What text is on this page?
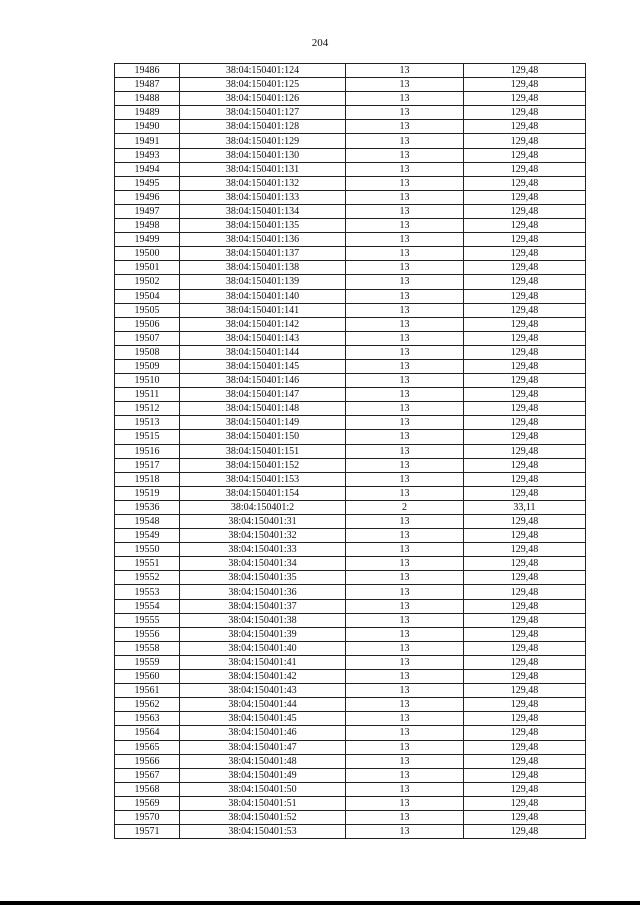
204
19486	38:04:150401:124	13	129,48
19487	38:04:150401:125	13	129,48
19488	38:04:150401:126	13	129,48
19489	38:04:150401:127	13	129,48
19490	38:04:150401:128	13	129,48
19491	38:04:150401:129	13	129,48
19493	38:04:150401:130	13	129,48
19494	38:04:150401:131	13	129,48
19495	38:04:150401:132	13	129,48
19496	38:04:150401:133	13	129,48
19497	38:04:150401:134	13	129,48
19498	38:04:150401:135	13	129,48
19499	38:04:150401:136	13	129,48
19500	38:04:150401:137	13	129,48
19501	38:04:150401:138	13	129,48
19502	38:04:150401:139	13	129,48
19504	38:04:150401:140	13	129,48
19505	38:04:150401:141	13	129,48
19506	38:04:150401:142	13	129,48
19507	38:04:150401:143	13	129,48
19508	38:04:150401:144	13	129,48
19509	38:04:150401:145	13	129,48
19510	38:04:150401:146	13	129,48
19511	38:04:150401:147	13	129,48
19512	38:04:150401:148	13	129,48
19513	38:04:150401:149	13	129,48
19515	38:04:150401:150	13	129,48
19516	38:04:150401:151	13	129,48
19517	38:04:150401:152	13	129,48
19518	38:04:150401:153	13	129,48
19519	38:04:150401:154	13	129,48
19536	38:04:150401:2	2	33,11
19548	38:04:150401:31	13	129,48
19549	38:04:150401:32	13	129,48
19550	38:04:150401:33	13	129,48
19551	38:04:150401:34	13	129,48
19552	38:04:150401:35	13	129,48
19553	38:04:150401:36	13	129,48
19554	38:04:150401:37	13	129,48
19555	38:04:150401:38	13	129,48
19556	38:04:150401:39	13	129,48
19558	38:04:150401:40	13	129,48
19559	38:04:150401:41	13	129,48
19560	38:04:150401:42	13	129,48
19561	38:04:150401:43	13	129,48
19562	38:04:150401:44	13	129,48
19563	38:04:150401:45	13	129,48
19564	38:04:150401:46	13	129,48
19565	38:04:150401:47	13	129,48
19566	38:04:150401:48	13	129,48
19567	38:04:150401:49	13	129,48
19568	38:04:150401:50	13	129,48
19569	38:04:150401:51	13	129,48
19570	38:04:150401:52	13	129,48
19571	38:04:150401:53	13	129,48
